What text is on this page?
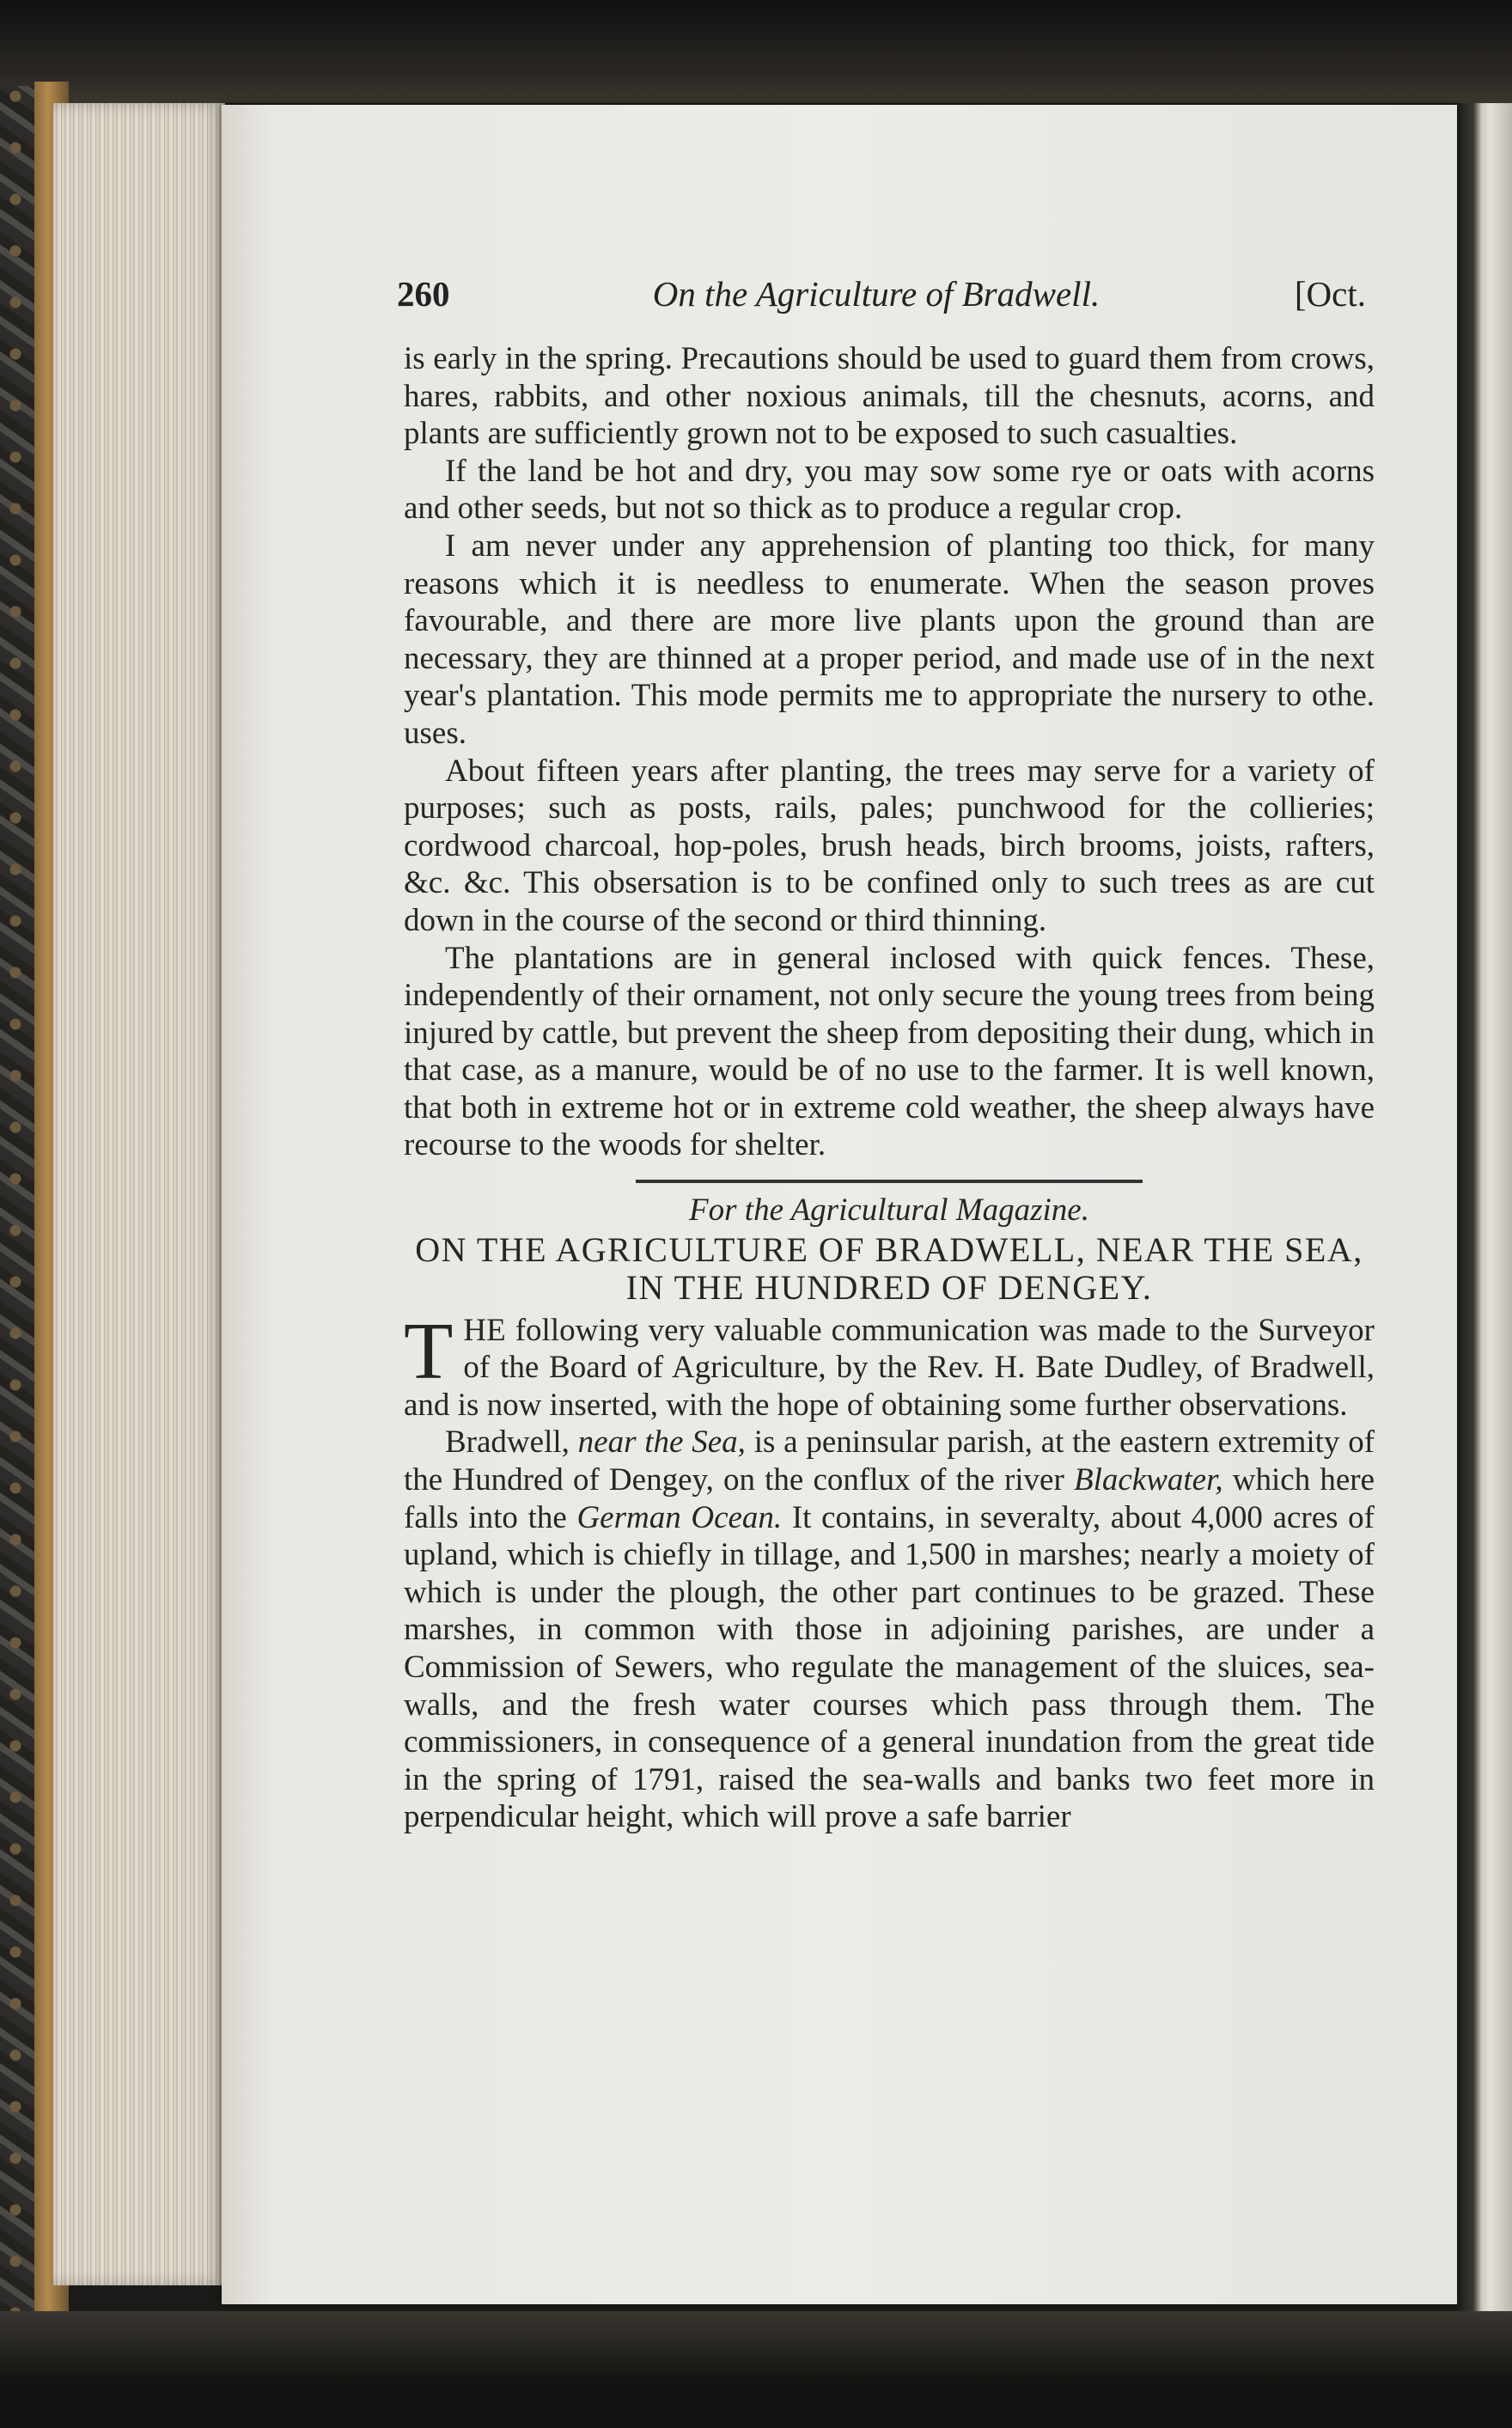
260	On the Agriculture of Bradwell.	[Oct.

is early in the spring. Precautions should be used to guard them from crows, hares, rabbits, and other noxious animals, till the chesnuts, acorns, and plants are sufficiently grown not to be exposed to such casualties.

If the land be hot and dry, you may sow some rye or oats with acorns and other seeds, but not so thick as to produce a regular crop.

I am never under any apprehension of planting too thick, for many reasons which it is needless to enumerate. When the season proves favourable, and there are more live plants upon the ground than are necessary, they are thinned at a proper period, and made use of in the next year's plantation. This mode permits me to appropriate the nursery to othe. uses.

About fifteen years after planting, the trees may serve for a variety of purposes; such as posts, rails, pales; punchwood for the collieries; cordwood charcoal, hop-poles, brush heads, birch brooms, joists, rafters, &c. &c. This obsersation is to be confined only to such trees as are cut down in the course of the second or third thinning.

The plantations are in general inclosed with quick fences. These, independently of their ornament, not only secure the young trees from being injured by cattle, but prevent the sheep from depositing their dung, which in that case, as a manure, would be of no use to the farmer. It is well known, that both in extreme hot or in extreme cold weather, the sheep always have recourse to the woods for shelter.

For the Agricultural Magazine.
ON THE AGRICULTURE OF BRADWELL, NEAR THE SEA, IN THE HUNDRED OF DENGEY.

THE following very valuable communication was made to the Surveyor of the Board of Agriculture, by the Rev. H. Bate Dudley, of Bradwell, and is now inserted, with the hope of obtaining some further observations.

Bradwell, near the Sea, is a peninsular parish, at the eastern extremity of the Hundred of Dengey, on the conflux of the river Blackwater, which here falls into the German Ocean. It contains, in severalty, about 4,000 acres of upland, which is chiefly in tillage, and 1,500 in marshes; nearly a moiety of which is under the plough, the other part continues to be grazed. These marshes, in common with those in adjoining parishes, are under a Commission of Sewers, who regulate the management of the sluices, sea-walls, and the fresh water courses which pass through them. The commissioners, in consequence of a general inundation from the great tide in the spring of 1791, raised the sea-walls and banks two feet more in perpendicular height, which will prove a safe barrier
